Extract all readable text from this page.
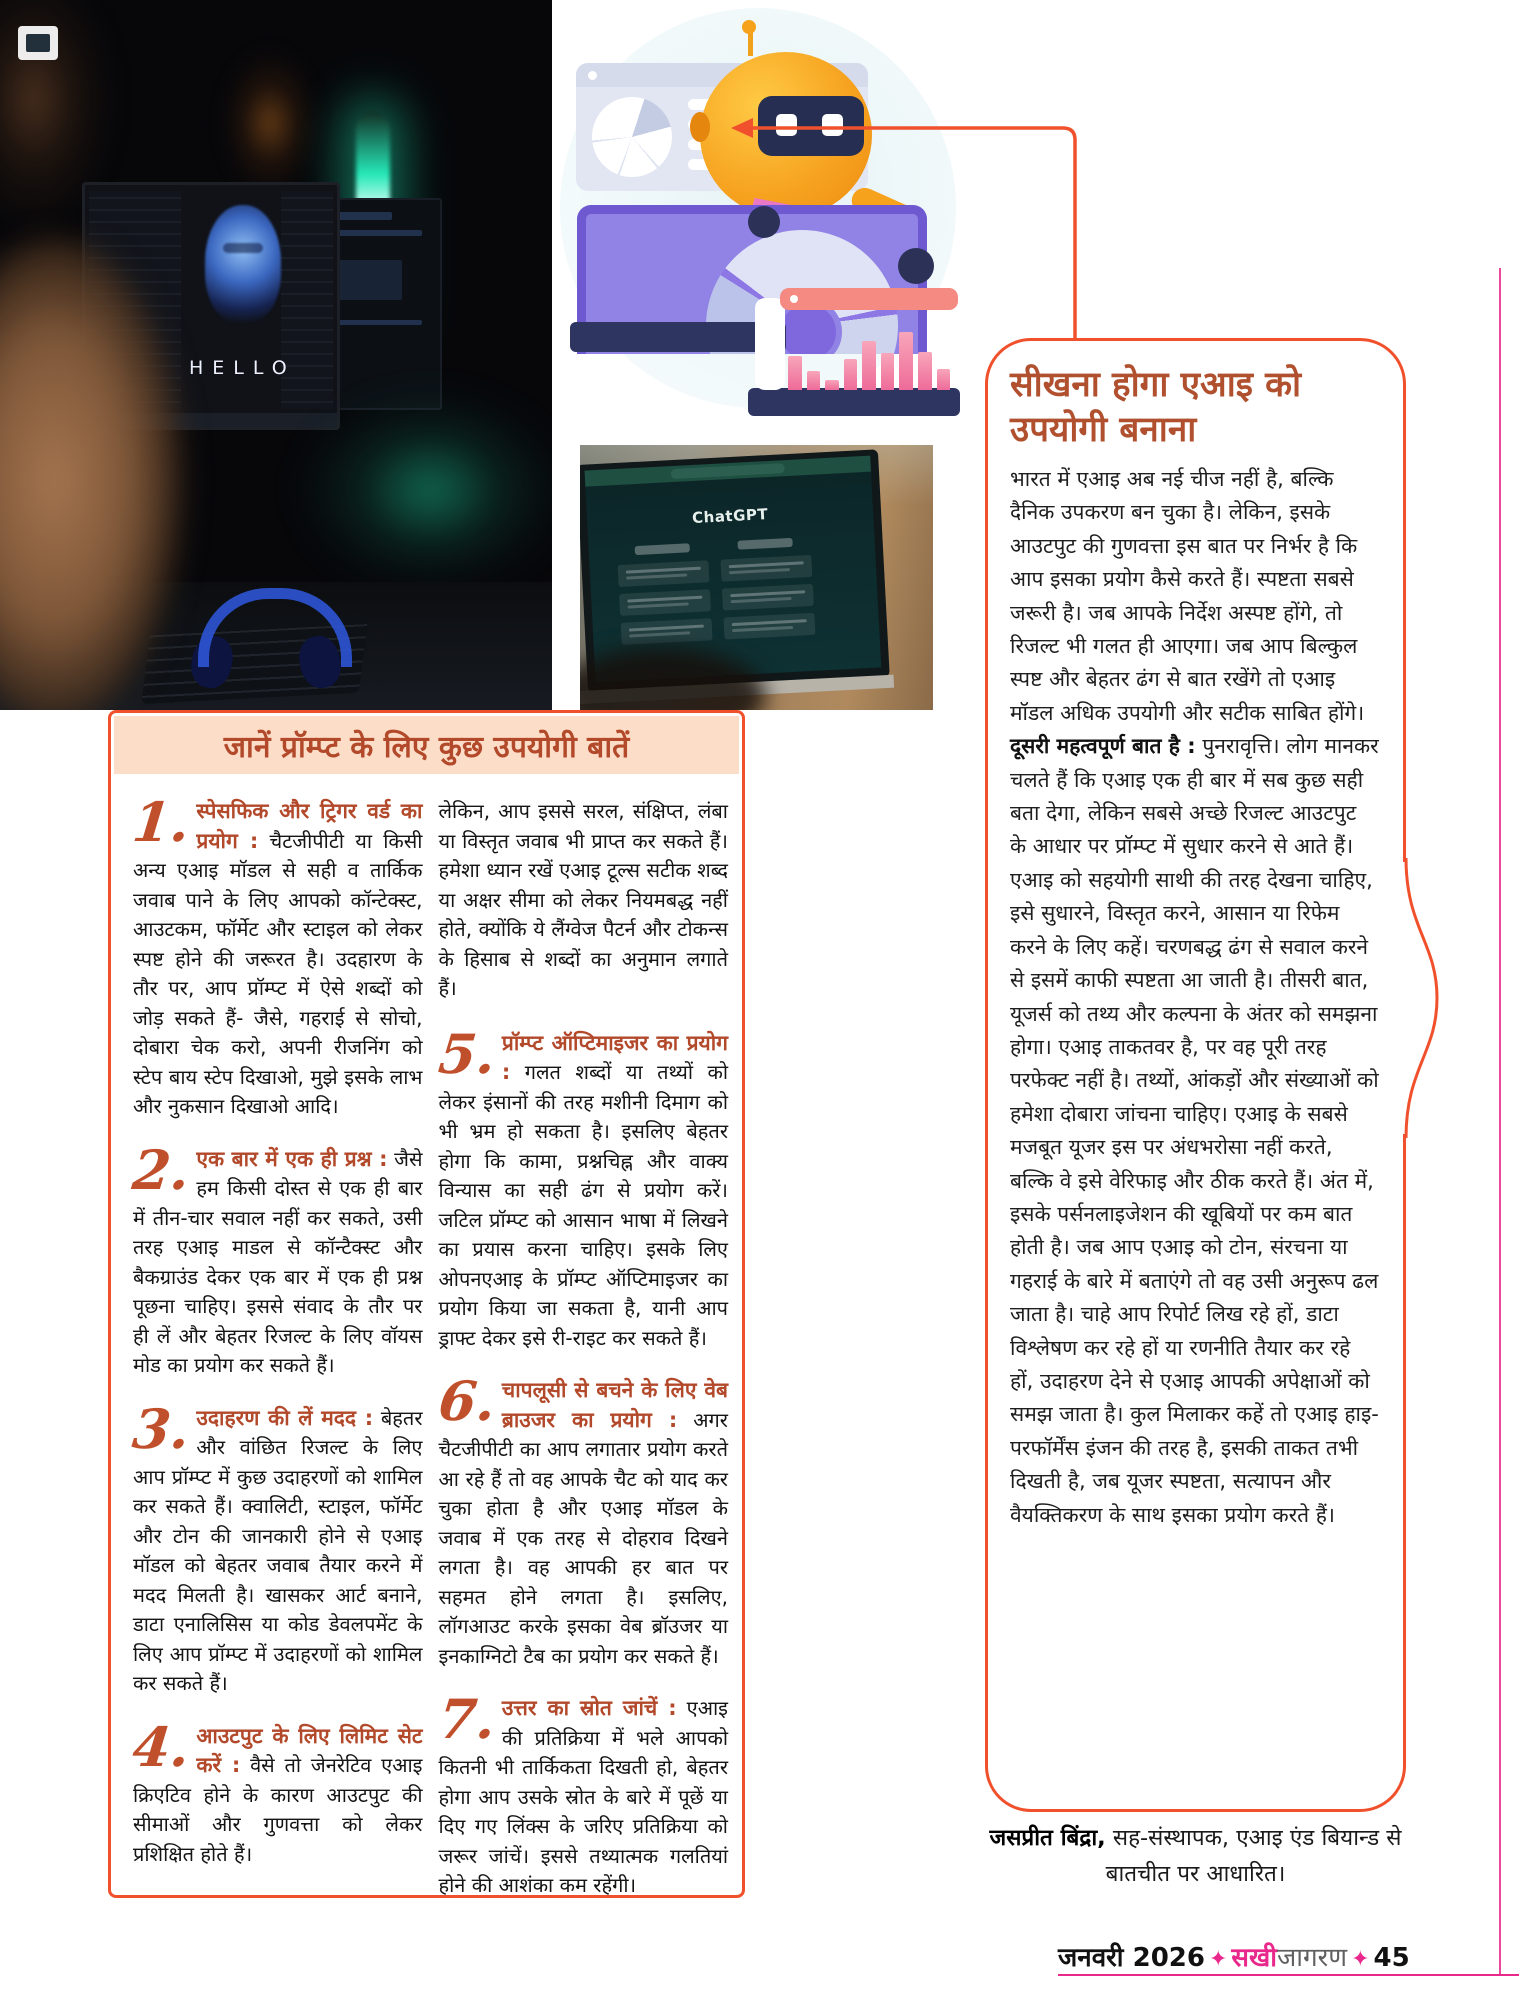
HELLO
ChatGPT
सीखना होगा एआइ को
उपयोगी बनाना

भारत में एआइ अब नई चीज नहीं है, बल्कि दैनिक उपकरण बन चुका है। लेकिन, इसके आउटपुट की गुणवत्ता इस बात पर निर्भर है कि आप इसका प्रयोग कैसे करते हैं। स्पष्टता सबसे जरूरी है। जब आपके निर्देश अस्पष्ट होंगे, तो रिजल्ट भी गलत ही आएगा। जब आप बिल्कुल स्पष्ट और बेहतर ढंग से बात रखेंगे तो एआइ मॉडल अधिक उपयोगी और सटीक साबित होंगे।

दूसरी महत्वपूर्ण बात है : पुनरावृत्ति। लोग मानकर चलते हैं कि एआइ एक ही बार में सब कुछ सही बता देगा, लेकिन सबसे अच्छे रिजल्ट आउटपुट के आधार पर प्रॉम्प्ट में सुधार करने से आते हैं। एआइ को सहयोगी साथी की तरह देखना चाहिए, इसे सुधारने, विस्तृत करने, आसान या रिफेम करने के लिए कहें। चरणबद्ध ढंग से सवाल करने से इसमें काफी स्पष्टता आ जाती है। तीसरी बात, यूजर्स को तथ्य और कल्पना के अंतर को समझना होगा। एआइ ताकतवर है, पर वह पूरी तरह परफेक्ट नहीं है। तथ्यों, आंकड़ों और संख्याओं को हमेशा दोबारा जांचना चाहिए। एआइ के सबसे मजबूत यूजर इस पर अंधभरोसा नहीं करते, बल्कि वे इसे वेरिफाइ और ठीक करते हैं। अंत में, इसके पर्सनलाइजेशन की खूबियों पर कम बात होती है। जब आप एआइ को टोन, संरचना या गहराई के बारे में बताएंगे तो वह उसी अनुरूप ढल जाता है। चाहे आप रिपोर्ट लिख रहे हों, डाटा विश्लेषण कर रहे हों या रणनीति तैयार कर रहे हों, उदाहरण देने से एआइ आपकी अपेक्षाओं को समझ जाता है। कुल मिलाकर कहें तो एआइ हाइ-परफॉर्मेंस इंजन की तरह है, इसकी ताकत तभी दिखती है, जब यूजर स्पष्टता, सत्यापन और वैयक्तिकरण के साथ इसका प्रयोग करते हैं।

जसप्रीत बिंद्रा, सह-संस्थापक, एआइ एंड बियान्ड से बातचीत पर आधारित।
जानें प्रॉम्प्ट के लिए कुछ उपयोगी बातें
1. स्पेसफिक और ट्रिगर वर्ड का प्रयोग : चैटजीपीटी या किसी अन्य एआइ मॉडल से सही व तार्किक जवाब पाने के लिए आपको कॉन्टेक्स्ट, आउटकम, फॉर्मेट और स्टाइल को लेकर स्पष्ट होने की जरूरत है। उदहारण के तौर पर, आप प्रॉम्प्ट में ऐसे शब्दों को जोड़ सकते हैं- जैसे, गहराई से सोचो, दोबारा चेक करो, अपनी रीजनिंग को स्टेप बाय स्टेप दिखाओ, मुझे इसके लाभ और नुकसान दिखाओ आदि।
2. एक बार में एक ही प्रश्न : जैसे हम किसी दोस्त से एक ही बार में तीन-चार सवाल नहीं कर सकते, उसी तरह एआइ माडल से कॉन्टैक्स्ट और बैकग्राउंड देकर एक बार में एक ही प्रश्न पूछना चाहिए। इससे संवाद के तौर पर ही लें और बेहतर रिजल्ट के लिए वॉयस मोड का प्रयोग कर सकते हैं।
3. उदाहरण की लें मदद : बेहतर और वांछित रिजल्ट के लिए आप प्रॉम्प्ट में कुछ उदाहरणों को शामिल कर सकते हैं। क्वालिटी, स्टाइल, फॉर्मेट और टोन की जानकारी होने से एआइ मॉडल को बेहतर जवाब तैयार करने में मदद मिलती है। खासकर आर्ट बनाने, डाटा एनालिसिस या कोड डेवलपमेंट के लिए आप प्रॉम्प्ट में उदाहरणों को शामिल कर सकते हैं।
4. आउटपुट के लिए लिमिट सेट करें : वैसे तो जेनरेटिव एआइ क्रिएटिव होने के कारण आउटपुट की सीमाओं और गुणवत्ता को लेकर प्रशिक्षित होते हैं।
लेकिन, आप इससे सरल, संक्षिप्त, लंबा या विस्तृत जवाब भी प्राप्त कर सकते हैं। हमेशा ध्यान रखें एआइ टूल्स सटीक शब्द या अक्षर सीमा को लेकर नियमबद्ध नहीं होते, क्योंकि ये लैंग्वेज पैटर्न और टोकन्स के हिसाब से शब्दों का अनुमान लगाते हैं।
5. प्रॉम्प्ट ऑप्टिमाइजर का प्रयोग : गलत शब्दों या तथ्यों को लेकर इंसानों की तरह मशीनी दिमाग को भी भ्रम हो सकता है। इसलिए बेहतर होगा कि कामा, प्रश्नचिह्न और वाक्य विन्यास का सही ढंग से प्रयोग करें। जटिल प्रॉम्प्ट को आसान भाषा में लिखने का प्रयास करना चाहिए। इसके लिए ओपनएआइ के प्रॉम्प्ट ऑप्टिमाइजर का प्रयोग किया जा सकता है, यानी आप ड्राफ्ट देकर इसे री-राइट कर सकते हैं।
6. चापलूसी से बचने के लिए वेब ब्राउजर का प्रयोग : अगर चैटजीपीटी का आप लगातार प्रयोग करते आ रहे हैं तो वह आपके चैट को याद कर चुका होता है और एआइ मॉडल के जवाब में एक तरह से दोहराव दिखने लगता है। वह आपकी हर बात पर सहमत होने लगता है। इसलिए, लॉगआउट करके इसका वेब ब्रॉउजर या इनकाग्निटो टैब का प्रयोग कर सकते हैं।
7. उत्तर का स्रोत जांचें : एआइ की प्रतिक्रिया में भले आपको कितनी भी तार्किकता दिखती हो, बेहतर होगा आप उसके स्रोत के बारे में पूछें या दिए गए लिंक्स के जरिए प्रतिक्रिया को जरूर जांचें। इससे तथ्यात्मक गलतियां होने की आशंका कम रहेंगी।
जनवरी 2026 ✦ सखीजागरण ✦ 45
